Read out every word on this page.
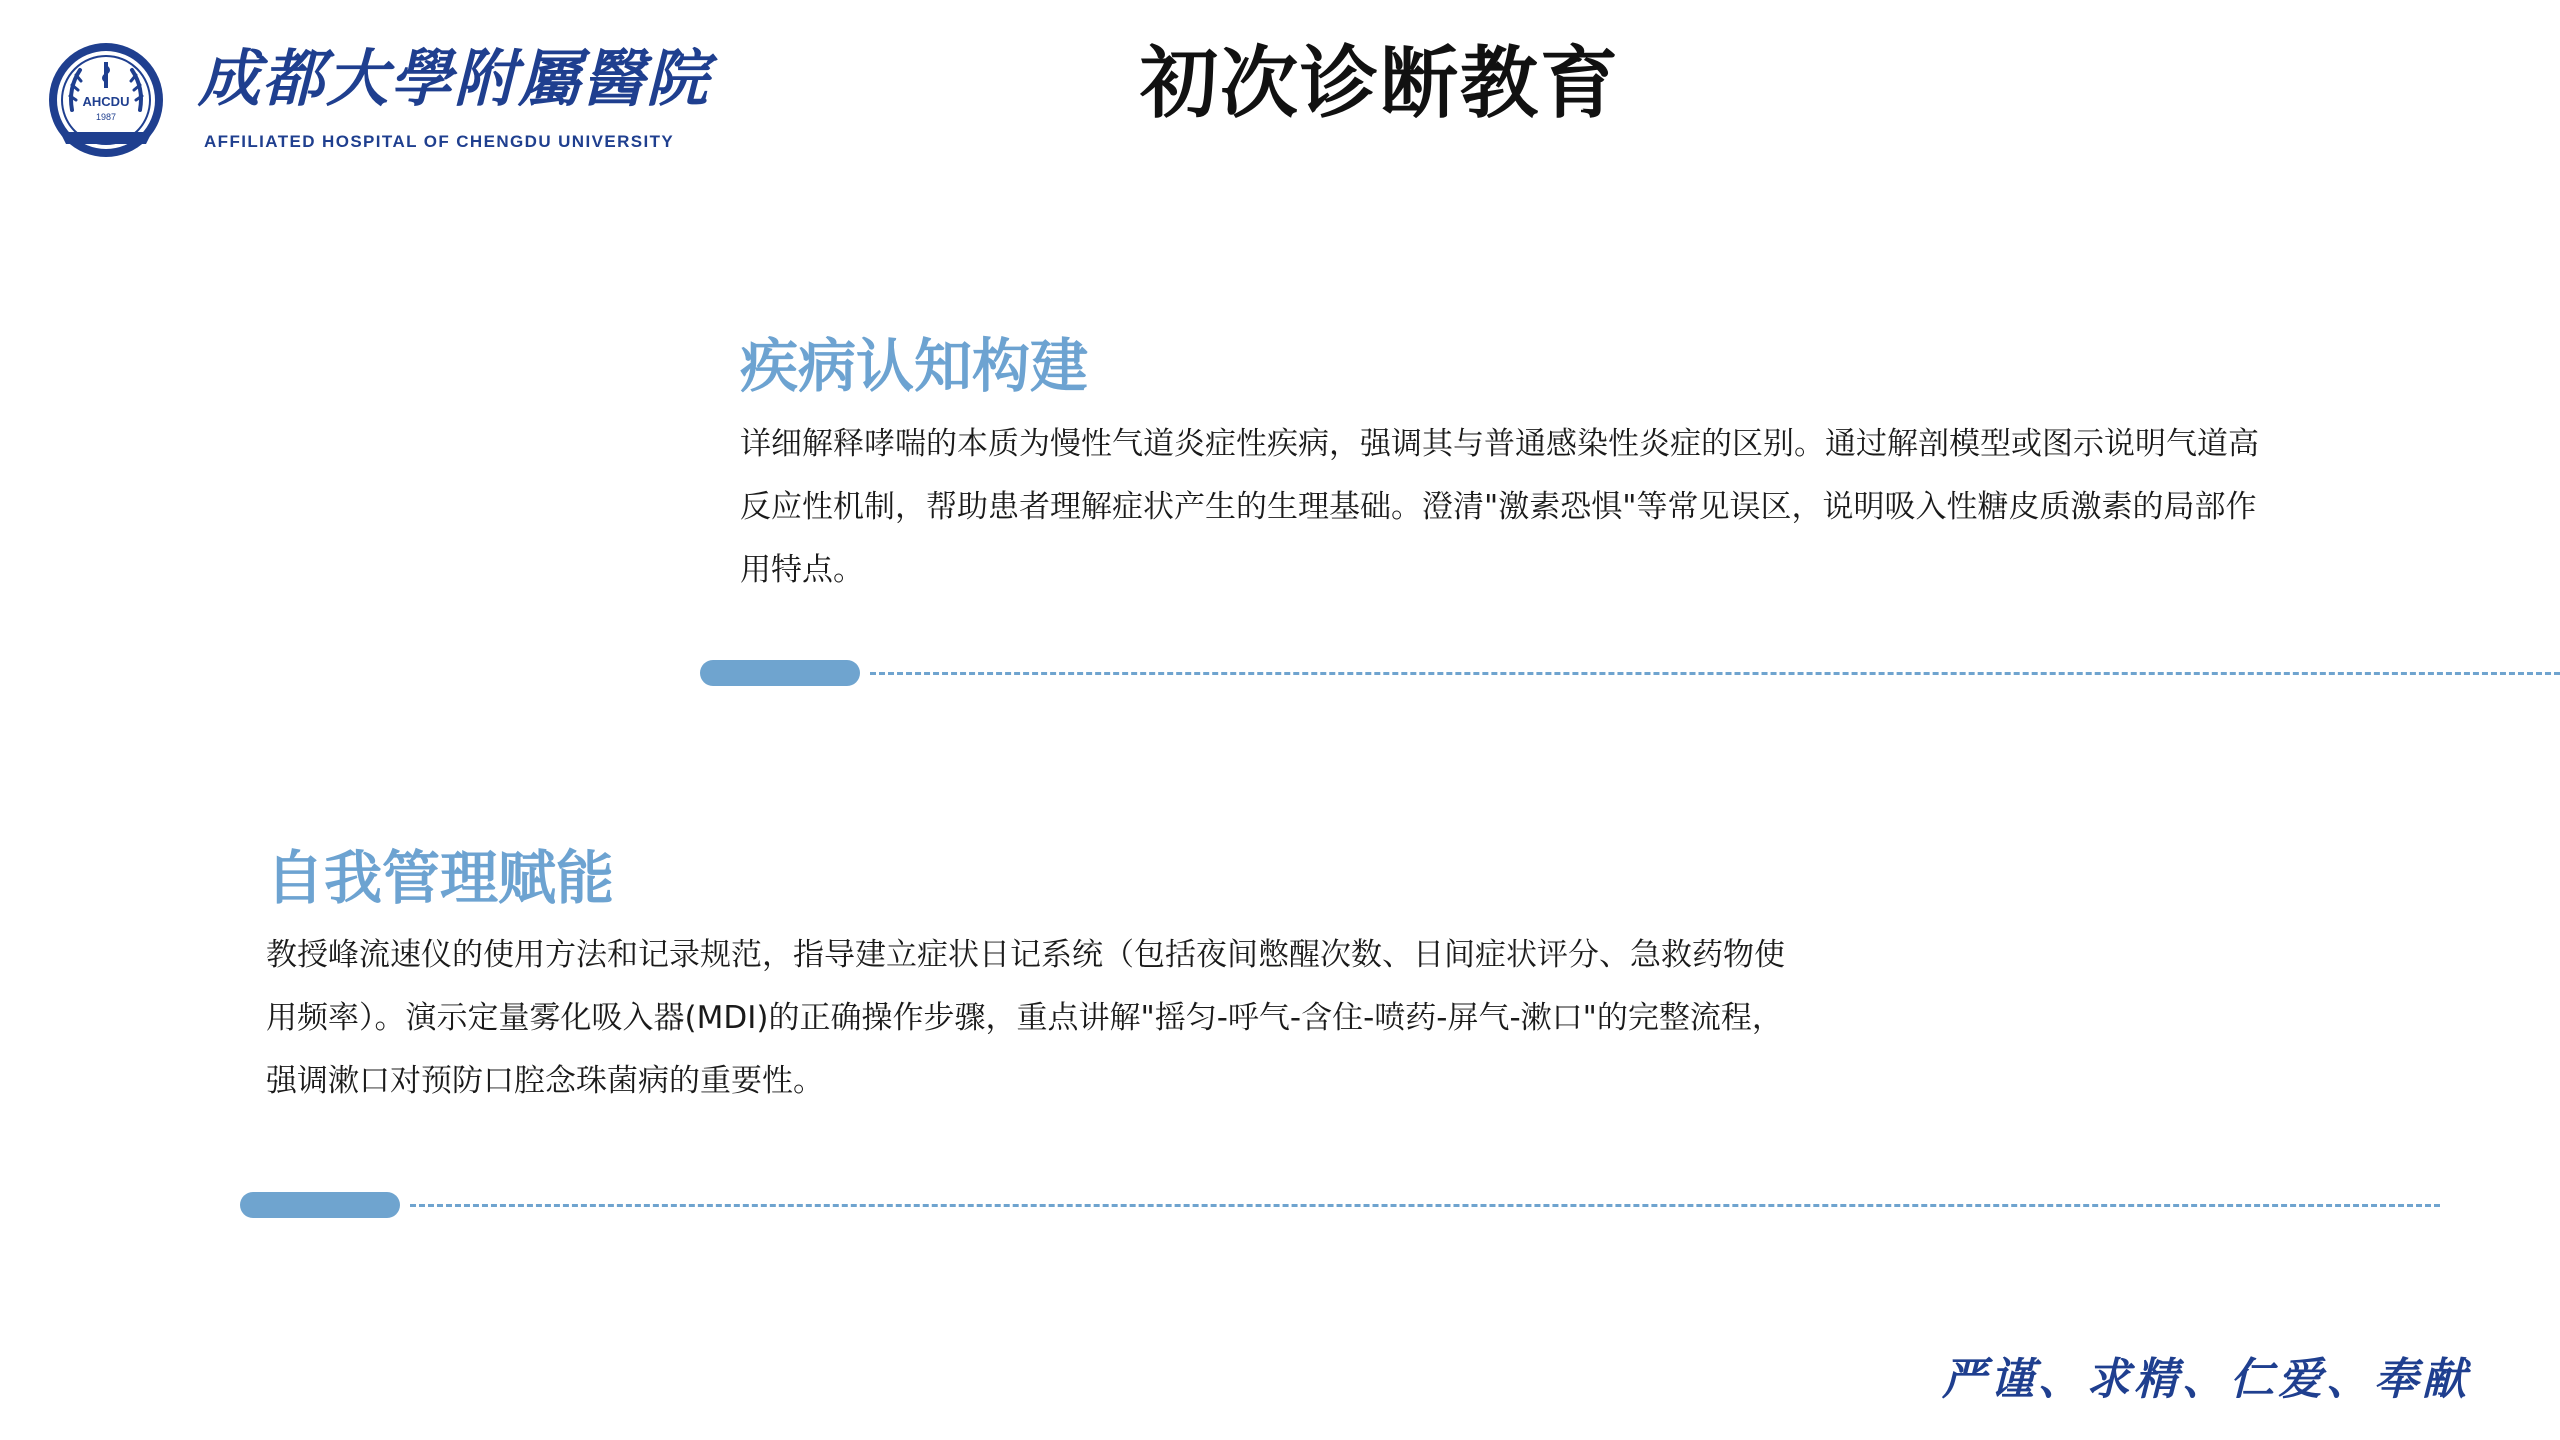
AHCDU
1987
成都大學附屬醫院
AFFILIATED HOSPITAL OF CHENGDU UNIVERSITY
初次诊断教育
疾病认知构建

详细解释哮喘的本质为慢性气道炎症性疾病，强调其与普通感染性炎症的区别。通过解剖模型或图示说明气道高反应性机制，帮助患者理解症状产生的生理基础。澄清"激素恐惧"等常见误区，说明吸入性糖皮质激素的局部作用特点。

自我管理赋能

教授峰流速仪的使用方法和记录规范，指导建立症状日记系统（包括夜间憋醒次数、日间症状评分、急救药物使用频率）。演示定量雾化吸入器(MDI)的正确操作步骤，重点讲解"摇匀-呼气-含住-喷药-屏气-漱口"的完整流程，强调漱口对预防口腔念珠菌病的重要性。

严谨、求精、仁爱、奉献
